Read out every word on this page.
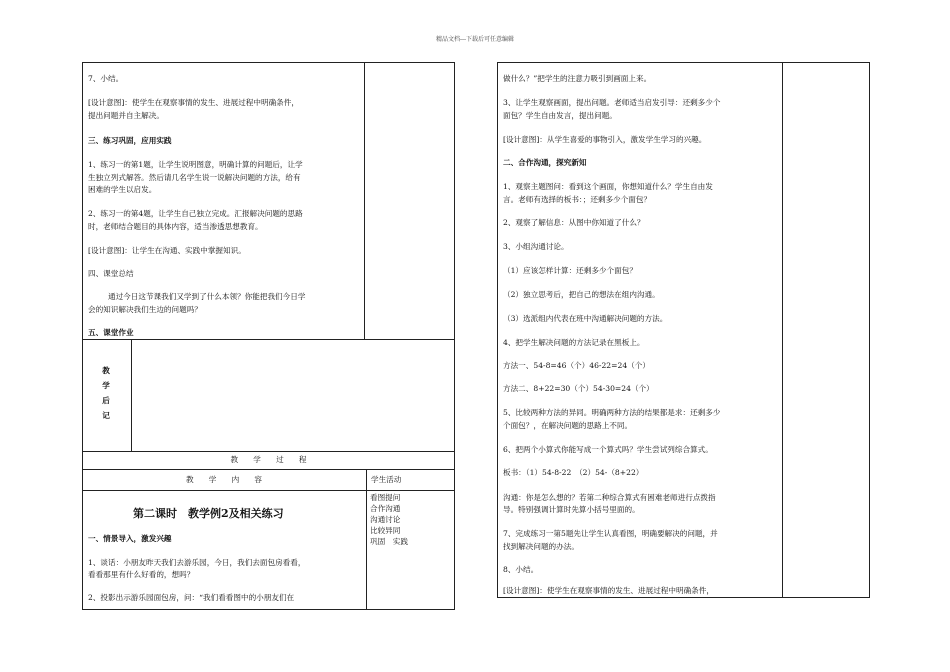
精品文档---下载后可任意编辑
7、小结。
[设计意图]：使学生在观察事情的发生、进展过程中明确条件，
提出问题并自主解决。
三、练习巩固，应用实践
1、练习一的第1题，让学生说明图意，明确计算的问题后，让学
生独立列式解答。然后请几名学生说一说解决问题的方法，给有
困难的学生以启发。
2、练习一的第4题，让学生自己独立完成。汇报解决问题的思路
时，老师结合题目的具体内容，适当渗透思想教育。
[设计意图]：让学生在沟通、实践中掌握知识。
四、课堂总结
通过今日这节课我们又学到了什么本领？你能把我们今日学
会的知识解决我们生边的问题吗？
五、课堂作业
教
学
后
记
教　　学　　过　　程
教　　学　　内　　容	学生活动
第二课时　教学例2及相关练习
看图提问
合作沟通
沟通讨论
比较异同
巩固　实践
一、情景导入，激发兴趣
1、谈话：小朋友昨天我们去游乐园，今日，我们去面包房看看，
看看那里有什么好看的，想吗？
2、投影出示游乐园面包房，问：“我们看看图中的小朋友们在
做什么？”把学生的注意力吸引到画面上来。
3、让学生观察画面，提出问题。老师适当启发引导：还剩多少个
面包？学生自由发言，提出问题。
[设计意图]：从学生喜爱的事物引入，激发学生学习的兴趣。
二、合作沟通，探究新知
1、观察主题图问：看到这个画面，你想知道什么？学生自由发
言。老师有选择的板书：；还剩多少个面包？
2、观察了解信息：从图中你知道了什么？
3、小组沟通讨论。
（1）应该怎样计算：还剩多少个面包？
（2）独立思考后，把自己的想法在组内沟通。
（3）选派组内代表在班中沟通解决问题的方法。
4、把学生解决问题的方法记录在黑板上。
方法一、54-8=46（个）46-22=24（个）
方法二、8+22=30（个）54-30=24（个）
5、比较两种方法的异同。明确两种方法的结果都是求：还剩多少
个面包？，在解决问题的思路上不同。
6、把两个小算式你能写成一个算式吗？学生尝试列综合算式。
板书：（1）54-8-22　（2）54-（8+22）
沟通：你是怎么想的？若第二种综合算式有困难老师进行点拨指
导。特别强调计算时先算小括号里面的。
7、完成练习一第5题先让学生认真看图，明确要解决的问题，并
找到解决问题的办法。
8、小结。
[设计意图]：使学生在观察事情的发生、进展过程中明确条件，
